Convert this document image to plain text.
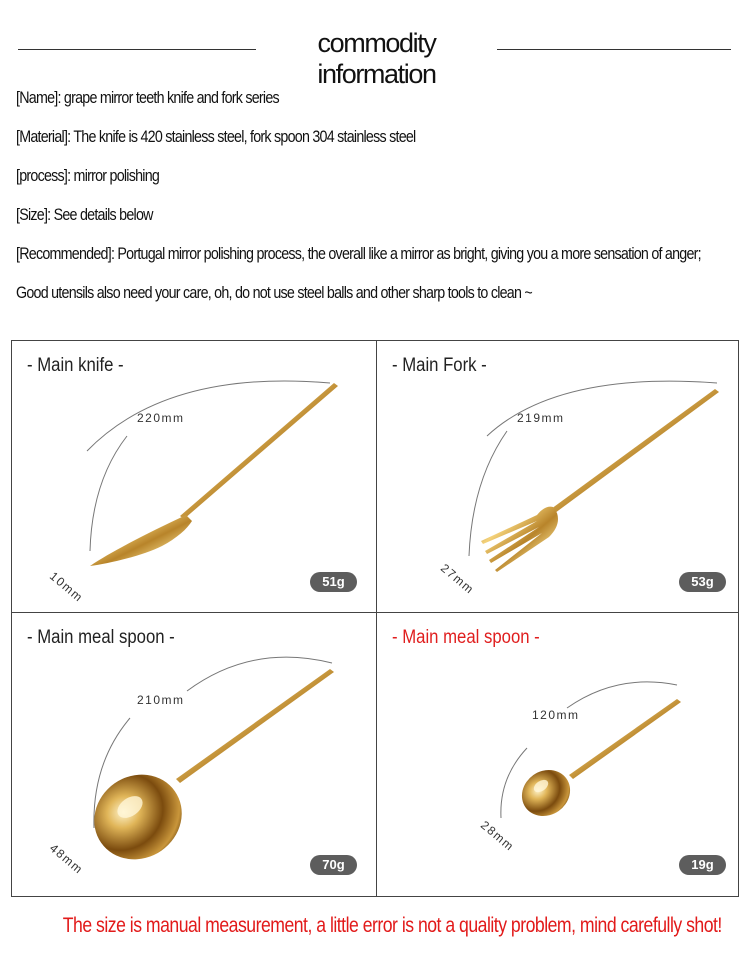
commodity information
[Name]: grape mirror teeth knife and fork series
[Material]: The knife is 420 stainless steel, fork spoon 304 stainless steel
[process]: mirror polishing
[Size]: See details below
[Recommended]: Portugal mirror polishing process, the overall like a mirror as bright, giving you a more sensation of anger;
Good utensils also need your care, oh, do not use steel balls and other sharp tools to clean ~
- Main knife -
220mm
10mm	51g
- Main Fork -
219mm
27mm	53g
- Main meal spoon -
210mm
48mm	70g
- Main meal spoon -
120mm
28mm
19g
The size is manual measurement, a little error is not a quality problem, mind carefully shot!
